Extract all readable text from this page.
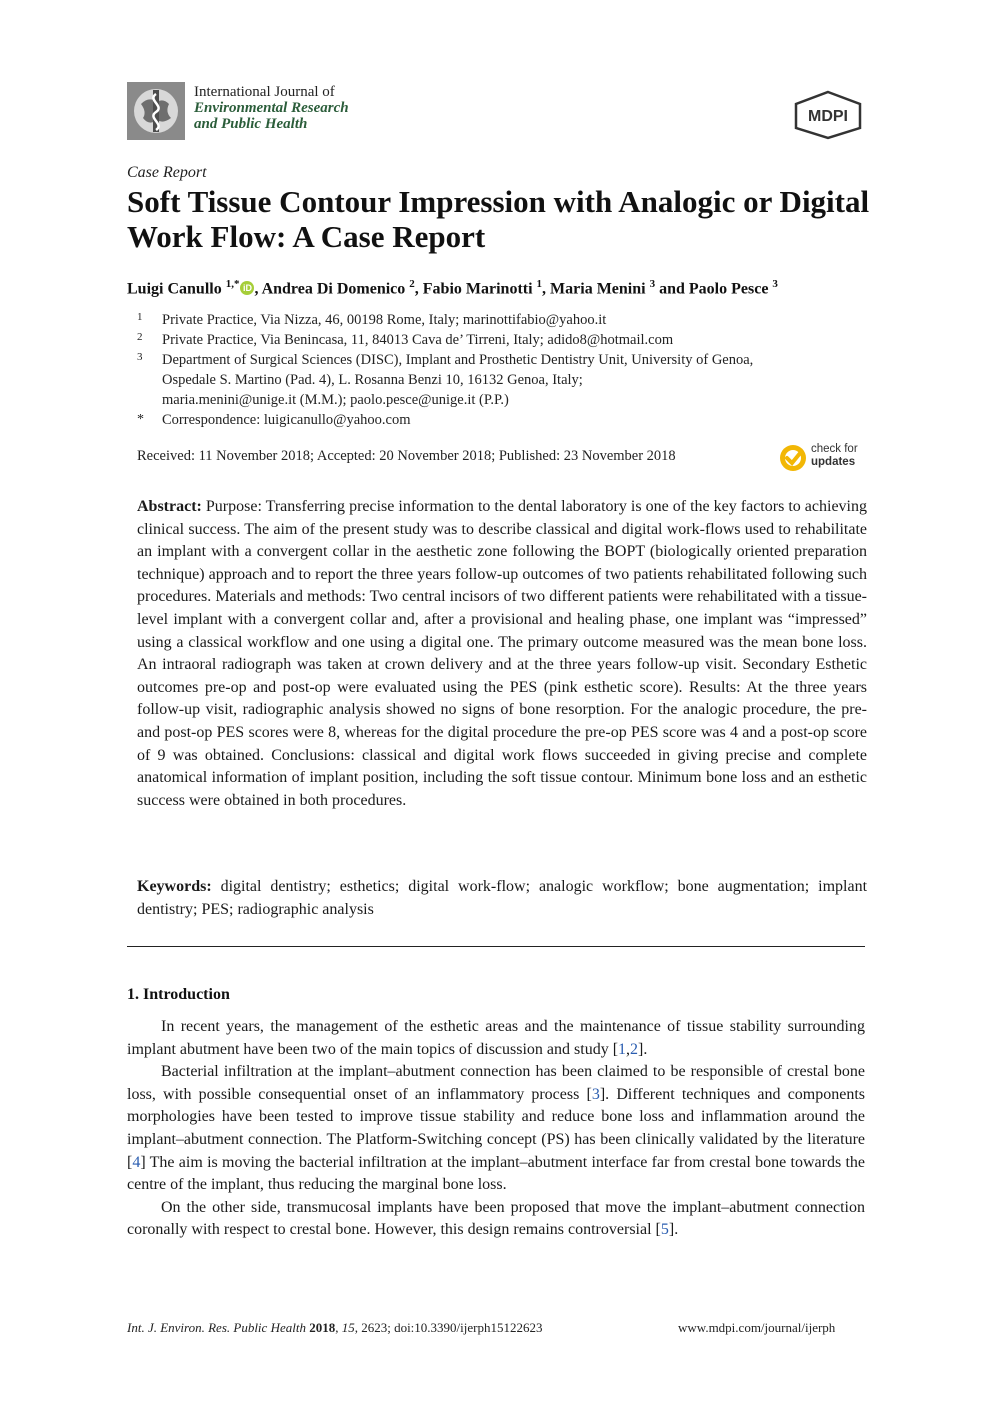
International Journal of
Environmental Research
and Public Health	MDPI
Case Report
Soft Tissue Contour Impression with Analogic or Digital Work Flow: A Case Report
Luigi Canullo $^{1,*}$ iD , Andrea Di Domenico $^2$, Fabio Marinotti $^1$, Maria Menini $^3$ and Paolo Pesce $^3$
1	Private Practice, Via Nizza, 46, 00198 Rome, Italy; marinottifabio@yahoo.it
2	Private Practice, Via Benincasa, 11, 84013 Cava de’ Tirreni, Italy; adido8@hotmail.com
3	Department of Surgical Sciences (DISC), Implant and Prosthetic Dentistry Unit, University of Genoa,
Ospedale S. Martino (Pad. 4), L. Rosanna Benzi 10, 16132 Genoa, Italy;
maria.menini@unige.it (M.M.); paolo.pesce@unige.it (P.P.)
*	Correspondence: luigicanullo@yahoo.com
Received: 11 November 2018; Accepted: 20 November 2018; Published: 23 November 2018	check for
updates

Abstract: Purpose: Transferring precise information to the dental laboratory is one of the key factors to achieving clinical success. The aim of the present study was to describe classical and digital work-flows used to rehabilitate an implant with a convergent collar in the aesthetic zone following the BOPT (biologically oriented preparation technique) approach and to report the three years follow-up outcomes of two patients rehabilitated following such procedures. Materials and methods: Two central incisors of two different patients were rehabilitated with a tissue-level implant with a convergent collar and, after a provisional and healing phase, one implant was “impressed” using a classical workflow and one using a digital one. The primary outcome measured was the mean bone loss. An intraoral radiograph was taken at crown delivery and at the three years follow-up visit. Secondary Esthetic outcomes pre-op and post-op were evaluated using the PES (pink esthetic score). Results: At the three years follow-up visit, radiographic analysis showed no signs of bone resorption. For the analogic procedure, the pre-and post-op PES scores were 8, whereas for the digital procedure the pre-op PES score was 4 and a post-op score of 9 was obtained. Conclusions: classical and digital work flows succeeded in giving precise and complete anatomical information of implant position, including the soft tissue contour. Minimum bone loss and an esthetic success were obtained in both procedures.

Keywords: digital dentistry; esthetics; digital work-flow; analogic workflow; bone augmentation; implant dentistry; PES; radiographic analysis

1. Introduction

In recent years, the management of the esthetic areas and the maintenance of tissue stability surrounding implant abutment have been two of the main topics of discussion and study [1,2].

Bacterial infiltration at the implant–abutment connection has been claimed to be responsible of crestal bone loss, with possible consequential onset of an inflammatory process [3]. Different techniques and components morphologies have been tested to improve tissue stability and reduce bone loss and inflammation around the implant–abutment connection. The Platform-Switching concept (PS) has been clinically validated by the literature [4] The aim is moving the bacterial infiltration at the implant–abutment interface far from crestal bone towards the centre of the implant, thus reducing the marginal bone loss.

On the other side, transmucosal implants have been proposed that move the implant–abutment connection coronally with respect to crestal bone. However, this design remains controversial [5].

Int. J. Environ. Res. Public Health 2018, 15, 2623; doi:10.3390/ijerph15122623	www.mdpi.com/journal/ijerph
